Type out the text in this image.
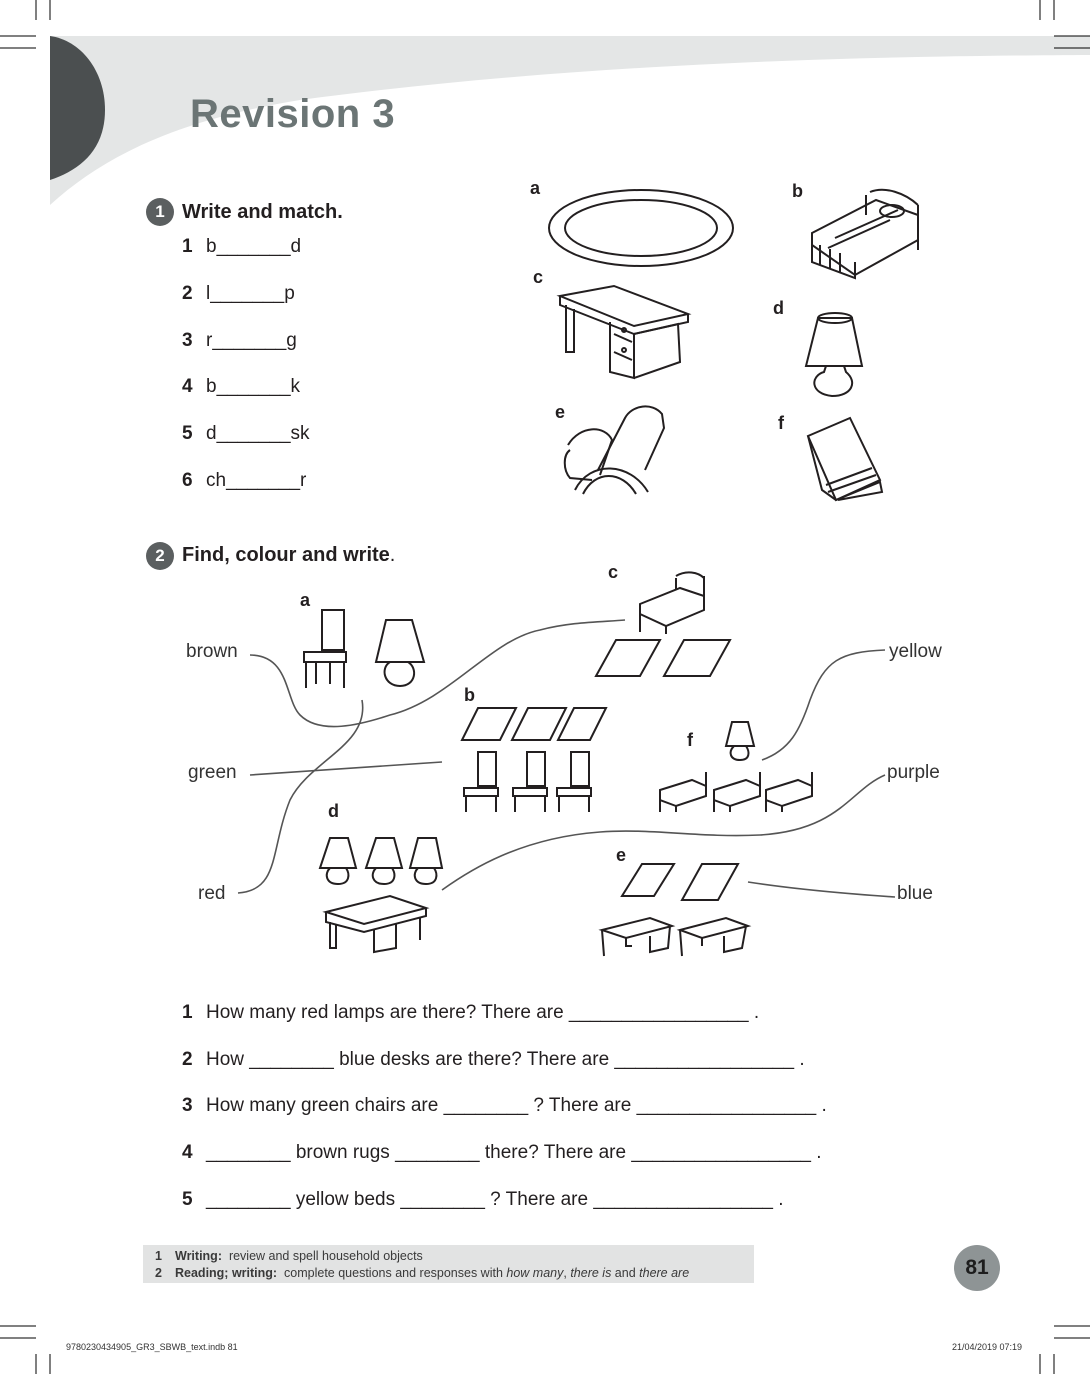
Revision 3
1 Write and match.
1 b_______d
2 l_______p
3 r_______g
4 b_______k
5 d_______sk
6 ch_______r
a	b
c
d
e
f
2 Find, colour and write.
brown
green
red
yellow
purple
blue
a
b
c
d
e
f
1 How many red lamps are there? There are _________________ .
2 How ________ blue desks are there? There are _________________ .
3 How many green chairs are ________ ? There are _________________ .
4 ________ brown rugs ________ there? There are _________________ .
5 ________ yellow beds ________ ? There are _________________ .
1 Writing: review and spell household objects
2 Reading; writing: complete questions and responses with how many, there is and there are	81
9780230434905_GR3_SBWB_text.indb 81	21/04/2019 07:19
